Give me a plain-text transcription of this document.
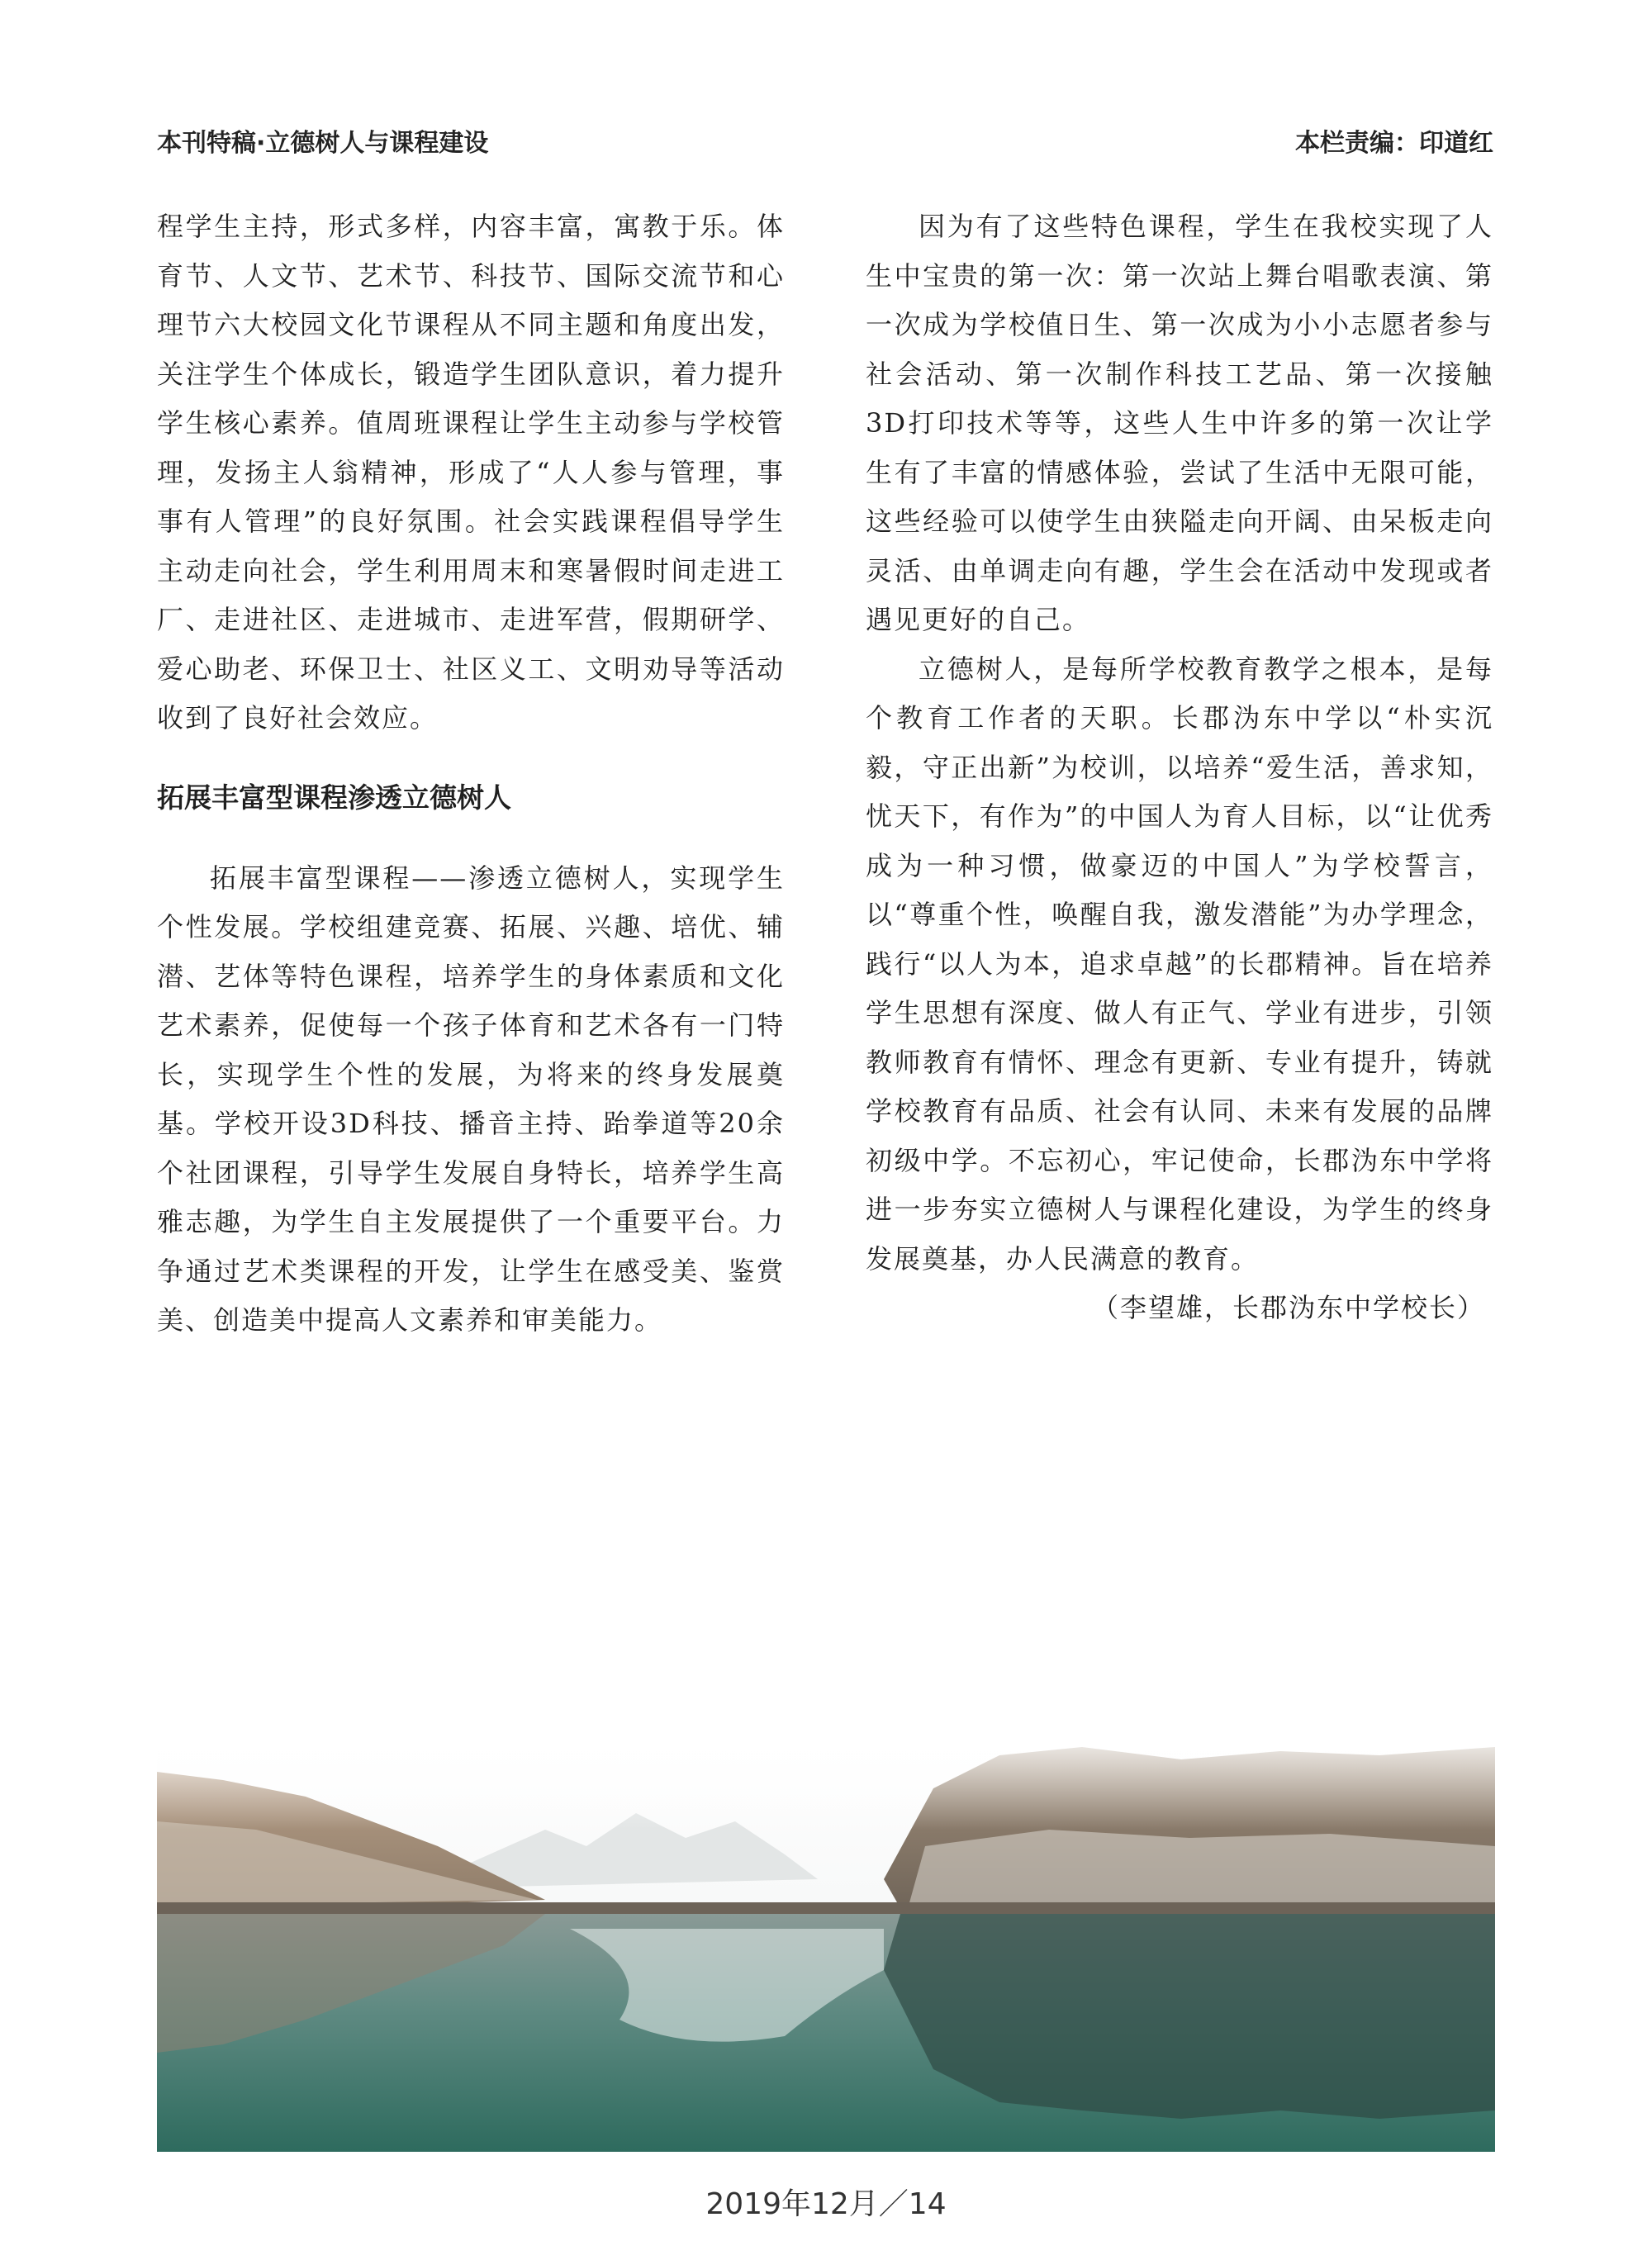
本刊特稿·立德树人与课程建设	本栏责编：印道红

程学生主持，形式多样，内容丰富，寓教于乐。体育节、人文节、艺术节、科技节、国际交流节和心理节六大校园文化节课程从不同主题和角度出发，关注学生个体成长，锻造学生团队意识，着力提升学生核心素养。值周班课程让学生主动参与学校管理，发扬主人翁精神，形成了“人人参与管理，事事有人管理”的良好氛围。社会实践课程倡导学生主动走向社会，学生利用周末和寒暑假时间走进工厂、走进社区、走进城市、走进军营，假期研学、爱心助老、环保卫士、社区义工、文明劝导等活动收到了良好社会效应。

拓展丰富型课程渗透立德树人

拓展丰富型课程——渗透立德树人，实现学生个性发展。学校组建竞赛、拓展、兴趣、培优、辅潜、艺体等特色课程，培养学生的身体素质和文化艺术素养，促使每一个孩子体育和艺术各有一门特长，实现学生个性的发展，为将来的终身发展奠基。学校开设3D科技、播音主持、跆拳道等20余个社团课程，引导学生发展自身特长，培养学生高雅志趣，为学生自主发展提供了一个重要平台。力争通过艺术类课程的开发，让学生在感受美、鉴赏美、创造美中提高人文素养和审美能力。

因为有了这些特色课程，学生在我校实现了人生中宝贵的第一次：第一次站上舞台唱歌表演、第一次成为学校值日生、第一次成为小小志愿者参与社会活动、第一次制作科技工艺品、第一次接触3D打印技术等等，这些人生中许多的第一次让学生有了丰富的情感体验，尝试了生活中无限可能，这些经验可以使学生由狭隘走向开阔、由呆板走向灵活、由单调走向有趣，学生会在活动中发现或者遇见更好的自己。

立德树人，是每所学校教育教学之根本，是每个教育工作者的天职。长郡沩东中学以“朴实沉毅，守正出新”为校训，以培养“爱生活，善求知，忧天下，有作为”的中国人为育人目标，以“让优秀成为一种习惯，做豪迈的中国人”为学校誓言，以“尊重个性，唤醒自我，激发潜能”为办学理念，践行“以人为本，追求卓越”的长郡精神。旨在培养学生思想有深度、做人有正气、学业有进步，引领教师教育有情怀、理念有更新、专业有提升，铸就学校教育有品质、社会有认同、未来有发展的品牌初级中学。不忘初心，牢记使命，长郡沩东中学将进一步夯实立德树人与课程化建设，为学生的终身发展奠基，办人民满意的教育。

（李望雄，长郡沩东中学校长）

2019年12月／14
